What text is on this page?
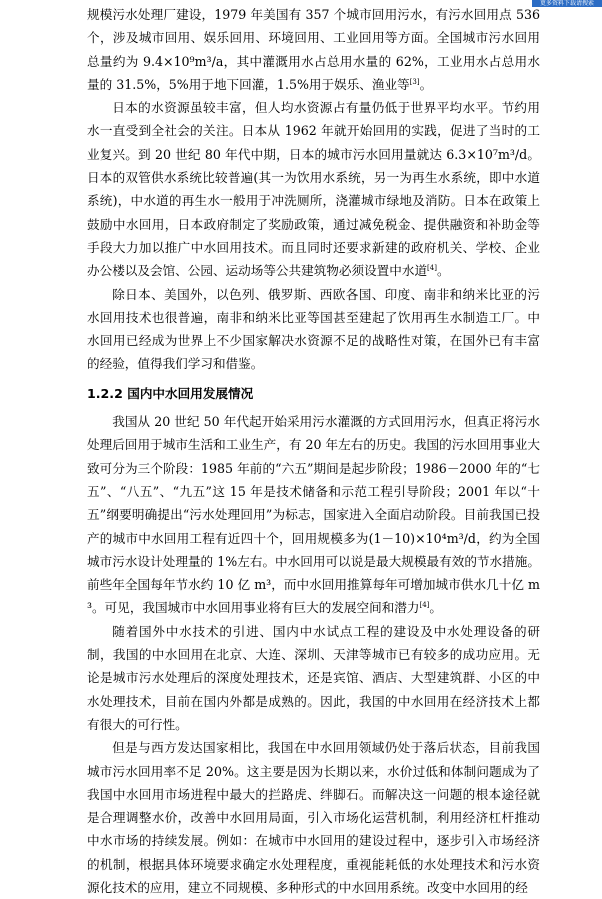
更多资料下载请搜索

规模污水处理厂建设，1979 年美国有 357 个城市回用污水，有污水回用点 536 个，涉及城市回用、娱乐回用、环境回用、工业回用等方面。全国城市污水回用总量约为 9.4×10⁹m³/a，其中灌溉用水占总用水量的 62%，工业用水占总用水量的 31.5%，5%用于地下回灌，1.5%用于娱乐、渔业等[3]。

日本的水资源虽较丰富，但人均水资源占有量仍低于世界平均水平。节约用水一直受到全社会的关注。日本从 1962 年就开始回用的实践，促进了当时的工业复兴。到 20 世纪 80 年代中期，日本的城市污水回用量就达 6.3×10⁷m³/d。日本的双管供水系统比较普遍(其一为饮用水系统，另一为再生水系统，即中水道系统)，中水道的再生水一般用于冲洗厕所，浇灌城市绿地及消防。日本在政策上鼓励中水回用，日本政府制定了奖励政策，通过减免税金、提供融资和补助金等手段大力加以推广中水回用技术。而且同时还要求新建的政府机关、学校、企业办公楼以及会馆、公园、运动场等公共建筑物必须设置中水道[4]。

除日本、美国外，以色列、俄罗斯、西欧各国、印度、南非和纳米比亚的污水回用技术也很普遍，南非和纳米比亚等国甚至建起了饮用再生水制造工厂。中水回用已经成为世界上不少国家解决水资源不足的战略性对策，在国外已有丰富的经验，值得我们学习和借鉴。

1.2.2 国内中水回用发展情况

我国从 20 世纪 50 年代起开始采用污水灌溉的方式回用污水，但真正将污水处理后回用于城市生活和工业生产，有 20 年左右的历史。我国的污水回用事业大致可分为三个阶段：1985 年前的“六五”期间是起步阶段；1986－2000 年的“七五”、“八五”、“九五”这 15 年是技术储备和示范工程引导阶段；2001 年以“十五”纲要明确提出“污水处理回用”为标志，国家进入全面启动阶段。目前我国已投产的城市中水回用工程有近四十个，回用规模多为(1－10)×10⁴m³/d，约为全国城市污水设计处理量的 1%左右。中水回用可以说是最大规模最有效的节水措施。前些年全国每年节水约 10 亿 m³，而中水回用推算每年可增加城市供水几十亿 m³。可见，我国城市中水回用事业将有巨大的发展空间和潜力[4]。

随着国外中水技术的引进、国内中水试点工程的建设及中水处理设备的研制，我国的中水回用在北京、大连、深圳、天津等城市已有较多的成功应用。无论是城市污水处理后的深度处理技术，还是宾馆、酒店、大型建筑群、小区的中水处理技术，目前在国内外都是成熟的。因此，我国的中水回用在经济技术上都有很大的可行性。

但是与西方发达国家相比，我国在中水回用领域仍处于落后状态，目前我国城市污水回用率不足 20%。这主要是因为长期以来，水价过低和体制问题成为了我国中水回用市场进程中最大的拦路虎、绊脚石。而解决这一问题的根本途径就是合理调整水价，改善中水回用局面，引入市场化运营机制，利用经济杠杆推动中水市场的持续发展。例如：在城市中水回用的建设过程中，逐步引入市场经济的机制，根据具体环境要求确定水处理程度，重视能耗低的水处理技术和污水资源化技术的应用，建立不同规模、多种形式的中水回用系统。改变中水回用的经
